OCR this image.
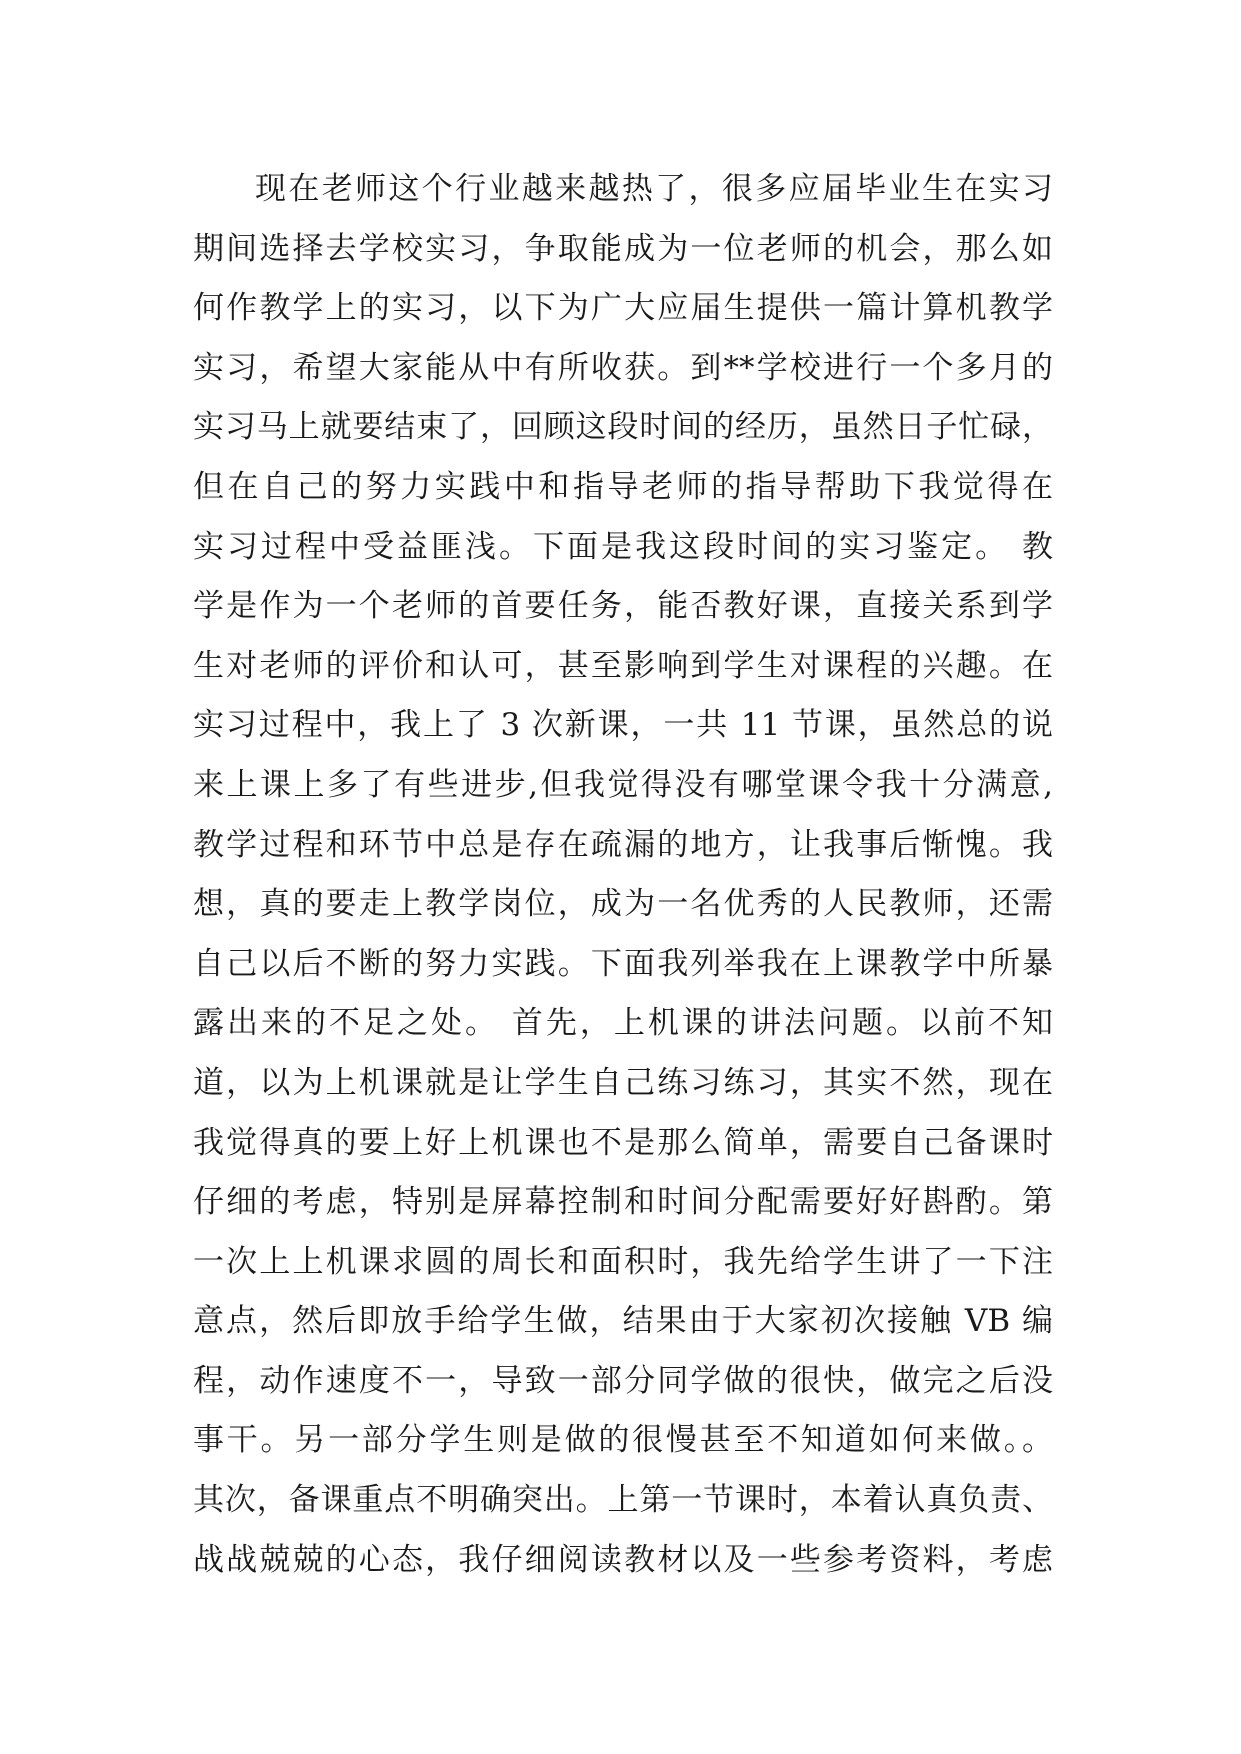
现在老师这个行业越来越热了，很多应届毕业生在实习
期间选择去学校实习，争取能成为一位老师的机会，那么如
何作教学上的实习，以下为广大应届生提供一篇计算机教学
实习，希望大家能从中有所收获。到**学校进行一个多月的
实习马上就要结束了，回顾这段时间的经历，虽然日子忙碌，
但在自己的努力实践中和指导老师的指导帮助下我觉得在
实习过程中受益匪浅。下面是我这段时间的实习鉴定。 教
学是作为一个老师的首要任务，能否教好课，直接关系到学
生对老师的评价和认可，甚至影响到学生对课程的兴趣。在
实习过程中，我上了 3 次新课，一共 11 节课，虽然总的说
来上课上多了有些进步,但我觉得没有哪堂课令我十分满意,
教学过程和环节中总是存在疏漏的地方，让我事后惭愧。我
想，真的要走上教学岗位，成为一名优秀的人民教师，还需
自己以后不断的努力实践。下面我列举我在上课教学中所暴
露出来的不足之处。 首先，上机课的讲法问题。以前不知
道，以为上机课就是让学生自己练习练习，其实不然，现在
我觉得真的要上好上机课也不是那么简单，需要自己备课时
仔细的考虑，特别是屏幕控制和时间分配需要好好斟酌。第
一次上上机课求圆的周长和面积时，我先给学生讲了一下注
意点，然后即放手给学生做，结果由于大家初次接触 VB 编
程，动作速度不一，导致一部分同学做的很快，做完之后没
事干。另一部分学生则是做的很慢甚至不知道如何来做。。
其次，备课重点不明确突出。上第一节课时，本着认真负责、
战战兢兢的心态，我仔细阅读教材以及一些参考资料，考虑
